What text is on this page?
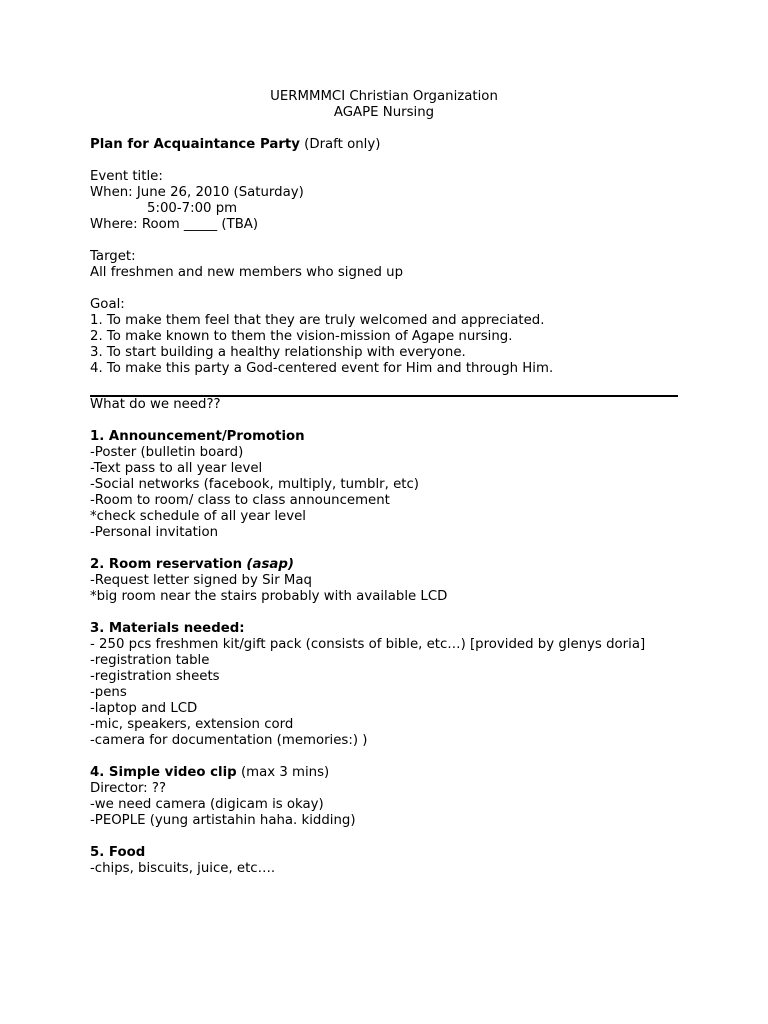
UERMMMCI Christian Organization
AGAPE Nursing
Plan for Acquaintance Party (Draft only)
Event title:
When: June 26, 2010 (Saturday)
5:00-7:00 pm
Where: Room _____ (TBA)
Target:
All freshmen and new members who signed up
Goal:
1. To make them feel that they are truly welcomed and appreciated.
2. To make known to them the vision-mission of Agape nursing.
3. To start building a healthy relationship with everyone.
4. To make this party a God-centered event for Him and through Him.
What do we need??
1. Announcement/Promotion
-Poster (bulletin board)
-Text pass to all year level
-Social networks (facebook, multiply, tumblr, etc)
-Room to room/ class to class announcement
*check schedule of all year level
-Personal invitation
2. Room reservation (asap)
-Request letter signed by Sir Maq
*big room near the stairs probably with available LCD
3. Materials needed:
- 250 pcs freshmen kit/gift pack (consists of bible, etc…) [provided by glenys doria]
-registration table
-registration sheets
-pens
-laptop and LCD
-mic, speakers, extension cord
-camera for documentation (memories:) )
4. Simple video clip (max 3 mins)
Director: ??
-we need camera (digicam is okay)
-PEOPLE (yung artistahin haha. kidding)
5. Food
-chips, biscuits, juice, etc….
